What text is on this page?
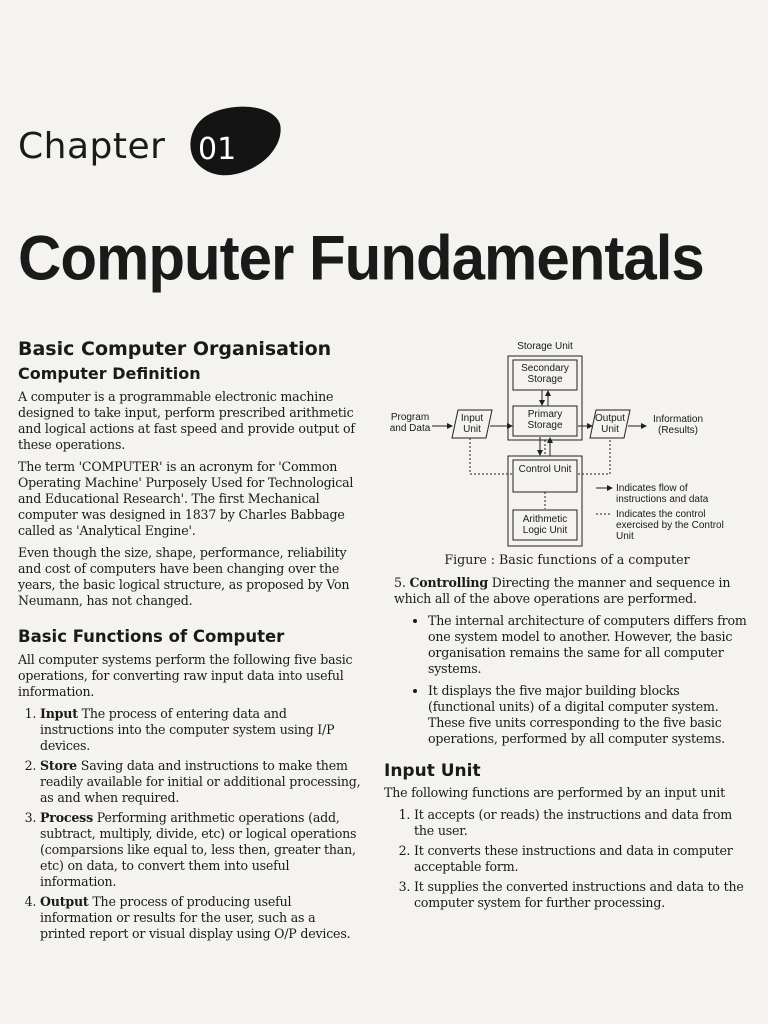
Chapter 01
Computer Fundamentals
Basic Computer Organisation
Computer Definition

A computer is a programmable electronic machine designed to take input, perform prescribed arithmetic and logical actions at fast speed and provide output of these operations.

The term 'COMPUTER' is an acronym for 'Common Operating Machine' Purposely Used for Technological and Educational Research'. The first Mechanical computer was designed in 1837 by Charles Babbage called as 'Analytical Engine'.

Even though the size, shape, performance, reliability and cost of computers have been changing over the years, the basic logical structure, as proposed by Von Neumann, has not changed.

Basic Functions of Computer

All computer systems perform the following five basic operations, for converting raw input data into useful information.

1. Input The process of entering data and instructions into the computer system using I/P devices.
2. Store Saving data and instructions to make them readily available for initial or additional processing, as and when required.
3. Process Performing arithmetic operations (add, subtract, multiply, divide, etc) or logical operations (comparsions like equal to, less then, greater than, etc) on data, to convert them into useful information.
4. Output The process of producing useful information or results for the user, such as a printed report or visual display using O/P devices.
Storage Unit
Secondary Storage
Primary Storage
Program and Data
Input Unit
Output Unit
Information (Results)
Control Unit
Arithmetic Logic Unit
Indicates flow of instructions and data
Indicates the control exercised by the Control Unit
Figure : Basic functions of a computer
5. Controlling Directing the manner and sequence in which all of the above operations are performed.
• The internal architecture of computers differs from one system model to another. However, the basic organisation remains the same for all computer systems.
• It displays the five major building blocks (functional units) of a digital computer system. These five units corresponding to the five basic operations, performed by all computer systems.
Input Unit

The following functions are performed by an input unit

1. It accepts (or reads) the instructions and data from the user.
2. It converts these instructions and data in computer acceptable form.
3. It supplies the converted instructions and data to the computer system for further processing.
